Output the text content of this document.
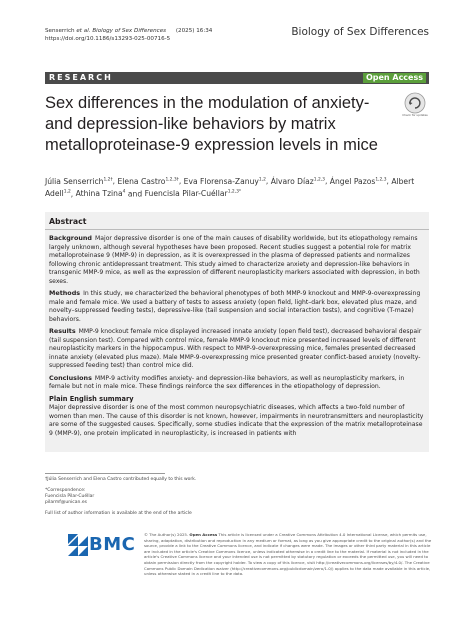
Senserrich et al. Biology of Sex Differences (2025) 16:34
https://doi.org/10.1186/s13293-025-00716-5
Biology of Sex Differences
RESEARCH	Open Access
Sex differences in the modulation of anxiety- and depression-like behaviors by matrix metalloproteinase-9 expression levels in mice
Check for updates
Júlia Senserrich$^{1,2\dagger}$, Elena Castro$^{1,2,3\dagger}$, Eva Florensa-Zanuy$^{1,2}$, Álvaro Díaz$^{1,2,3}$, Ángel Pazos$^{1,2,3}$, Albert Adell$^{1,2}$, Athina Tzina$^4$ and Fuencisla Pilar-Cuéllar$^{1,2,3*}$
Abstract

Background Major depressive disorder is one of the main causes of disability worldwide, but its etiopathology remains largely unknown, although several hypotheses have been proposed. Recent studies suggest a potential role for matrix metalloproteinase 9 (MMP-9) in depression, as it is overexpressed in the plasma of depressed patients and normalizes following chronic antidepressant treatment. This study aimed to characterize anxiety and depression-like behaviors in transgenic MMP-9 mice, as well as the expression of different neuroplasticity markers associated with depression, in both sexes.

Methods In this study, we characterized the behavioral phenotypes of both MMP-9 knockout and MMP-9-overexpressing male and female mice. We used a battery of tests to assess anxiety (open field, light–dark box, elevated plus maze, and novelty–suppressed feeding tests), depressive-like (tail suspension and social interaction tests), and cognitive (T-maze) behaviors.

Results MMP-9 knockout female mice displayed increased innate anxiety (open field test), decreased behavioral despair (tail suspension test). Compared with control mice, female MMP-9 knockout mice presented increased levels of different neuroplasticity markers in the hippocampus. With respect to MMP-9-overexpressing mice, females presented decreased innate anxiety (elevated plus maze). Male MMP-9-overexpressing mice presented greater conflict-based anxiety (novelty-suppressed feeding test) than control mice did.

Conclusions MMP-9 activity modifies anxiety- and depression-like behaviors, as well as neuroplasticity markers, in female but not in male mice. These findings reinforce the sex differences in the etiopathology of depression.

Plain English summary

Major depressive disorder is one of the most common neuropsychiatric diseases, which affects a two-fold number of women than men. The cause of this disorder is not known, however, impairments in neurotransmitters and neuroplasticity are some of the suggested causes. Specifically, some studies indicate that the expression of the matrix metalloproteinase 9 (MMP-9), one protein implicated in neuroplasticity, is increased in patients with

†Júlia Senserrich and Elena Castro contributed equally to this work.
*Correspondence:
Fuencisla Pilar-Cuéllar
pilarmf@unican.es
Full list of author information is available at the end of the article
BMC © The Author(s) 2025. Open Access This article is licensed under a Creative Commons Attribution 4.0 International License, which permits use, sharing, adaptation, distribution and reproduction in any medium or format, as long as you give appropriate credit to the original author(s) and the source, provide a link to the Creative Commons licence, and indicate if changes were made. The images or other third party material in this article are included in the article's Creative Commons licence, unless indicated otherwise in a credit line to the material. If material is not included in the article's Creative Commons licence and your intended use is not permitted by statutory regulation or exceeds the permitted use, you will need to obtain permission directly from the copyright holder. To view a copy of this licence, visit http://creativecommons.org/licenses/by/4.0/. The Creative Commons Public Domain Dedication waiver (http://creativecommons.org/publicdomain/zero/1.0/) applies to the data made available in this article, unless otherwise stated in a credit line to the data.
